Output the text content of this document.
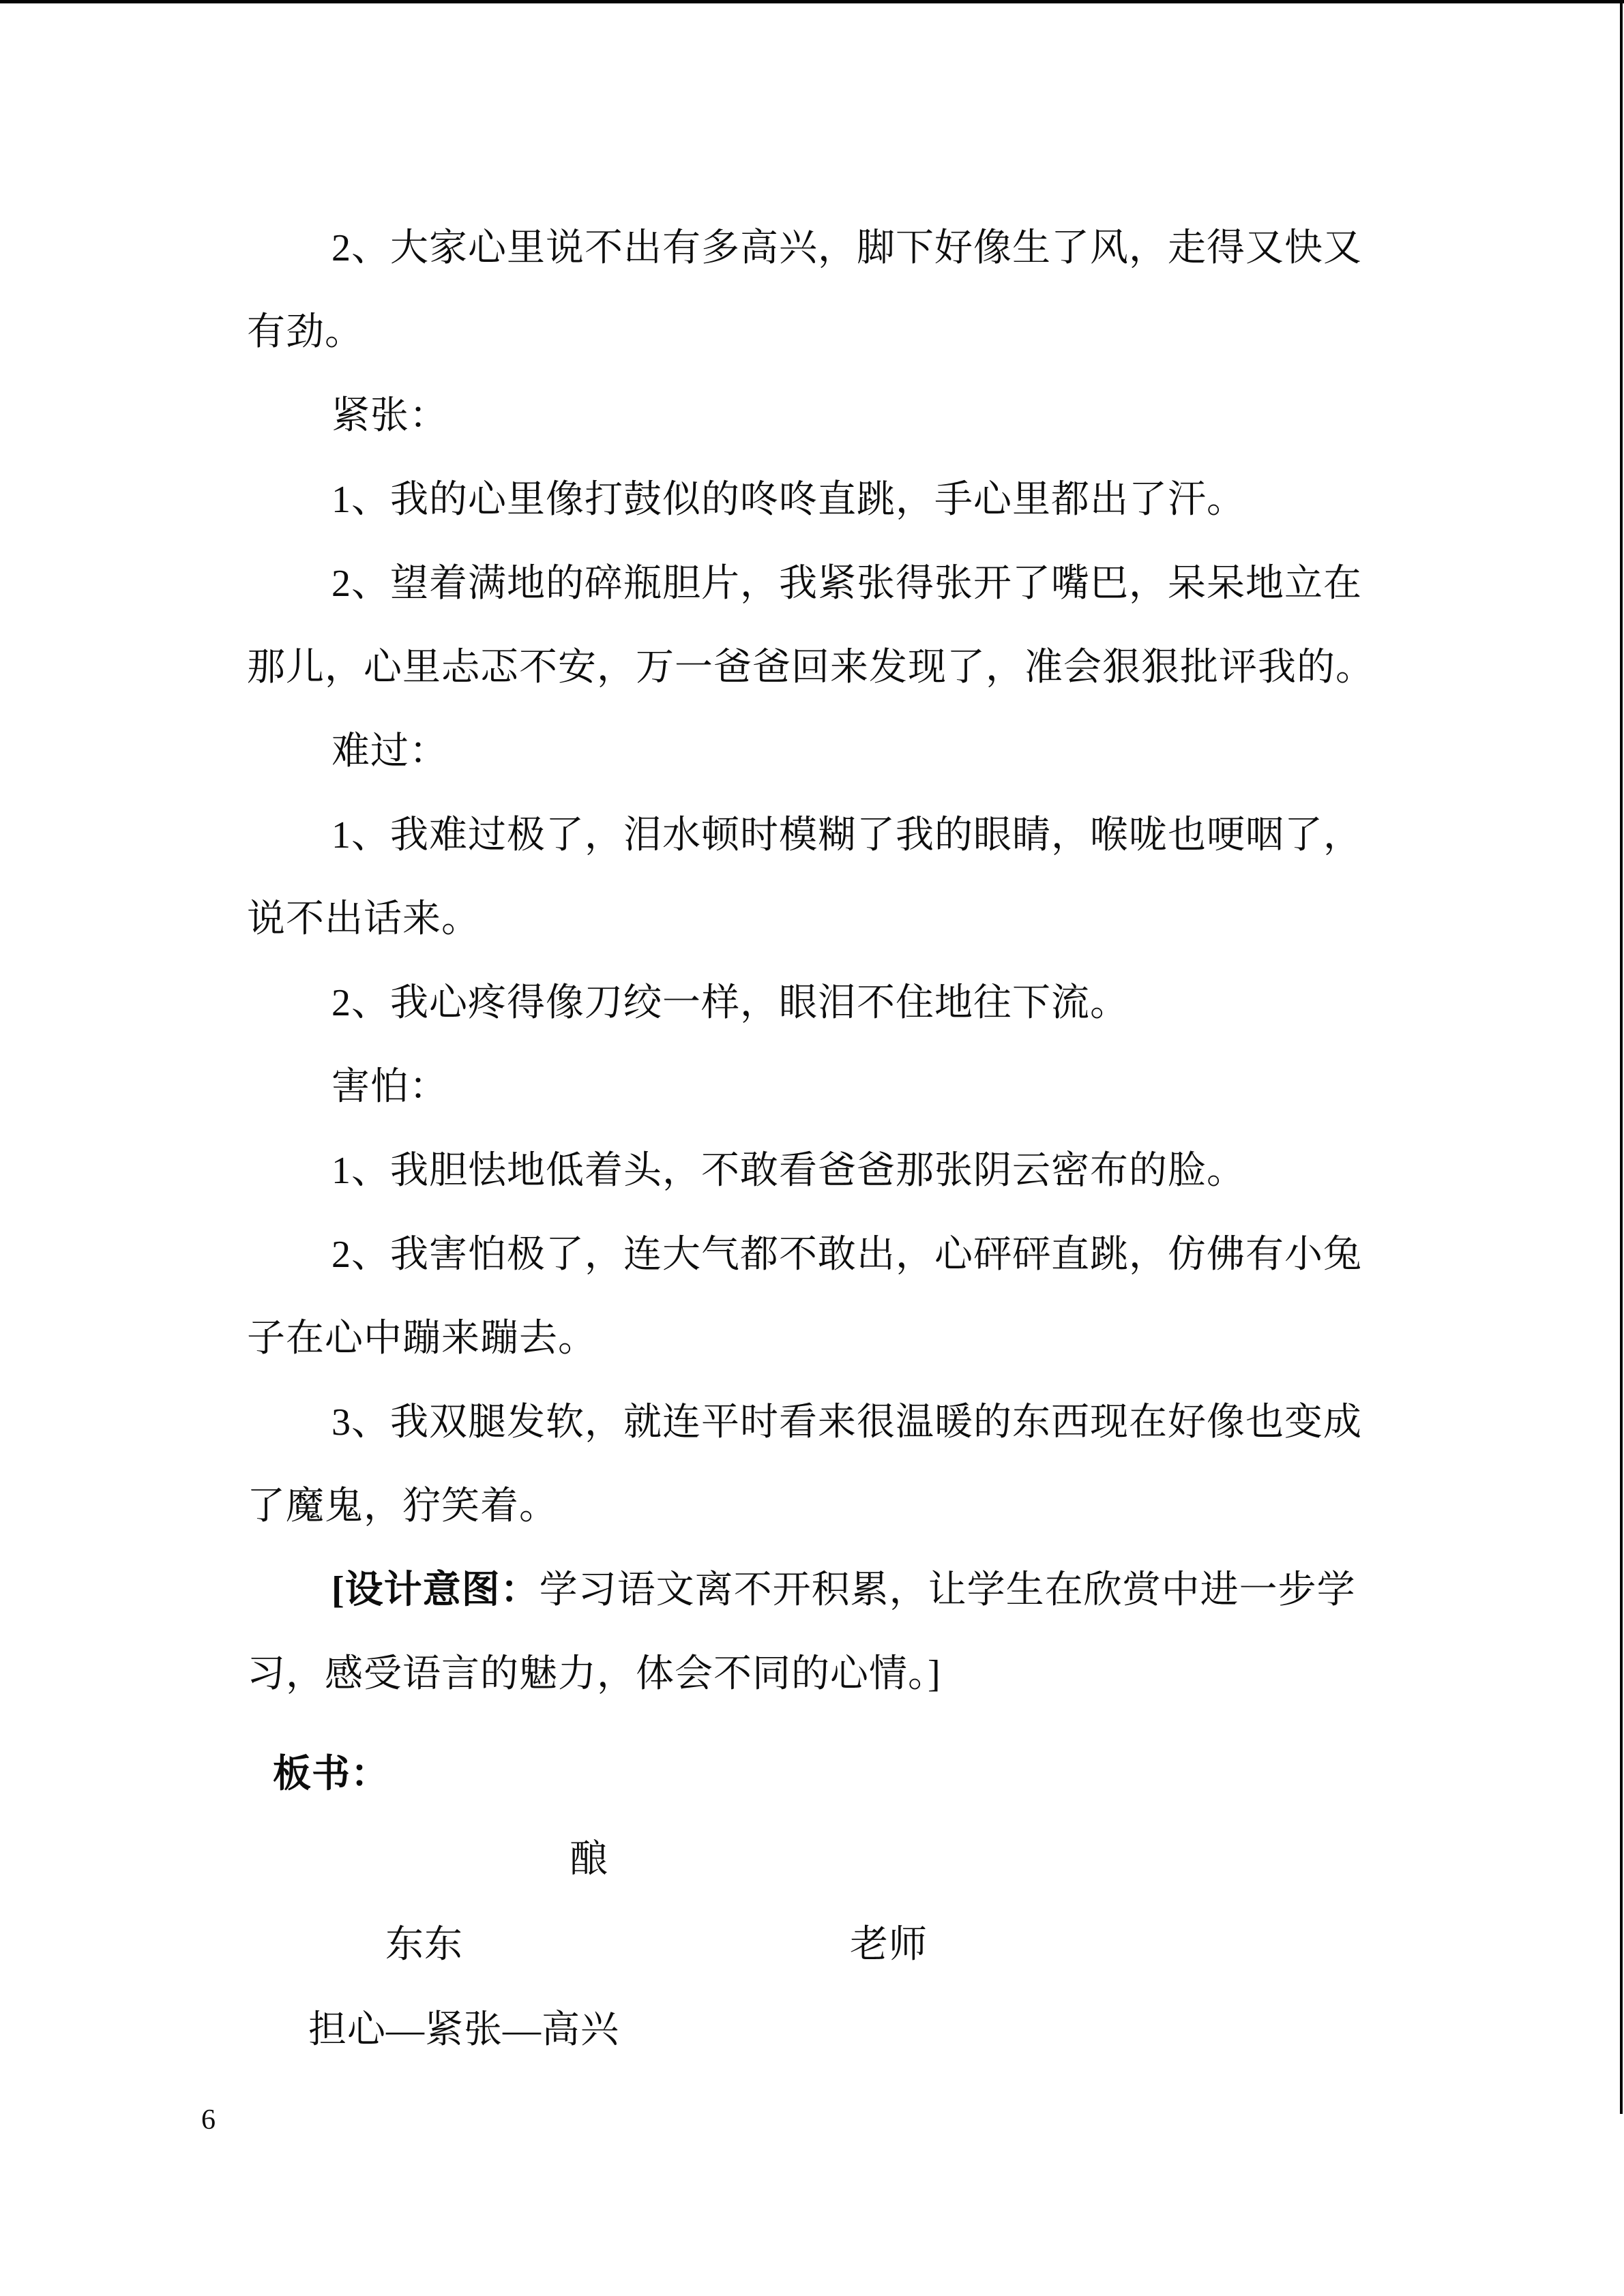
2、大家心里说不出有多高兴，脚下好像生了风，走得又快又
有劲。
紧张：
1、我的心里像打鼓似的咚咚直跳，手心里都出了汗。
2、望着满地的碎瓶胆片，我紧张得张开了嘴巴，呆呆地立在
那儿，心里忐忑不安，万一爸爸回来发现了，准会狠狠批评我的。
难过：
1、我难过极了，泪水顿时模糊了我的眼睛，喉咙也哽咽了，
说不出话来。
2、我心疼得像刀绞一样，眼泪不住地往下流。
害怕：
1、我胆怯地低着头，不敢看爸爸那张阴云密布的脸。
2、我害怕极了，连大气都不敢出，心砰砰直跳，仿佛有小兔
子在心中蹦来蹦去。
3、我双腿发软，就连平时看来很温暖的东西现在好像也变成
了魔鬼，狞笑着。
[设计意图：学习语文离不开积累，让学生在欣赏中进一步学
习，感受语言的魅力，体会不同的心情。]
板书：
酿
东东	老师
担心—紧张—高兴
6
